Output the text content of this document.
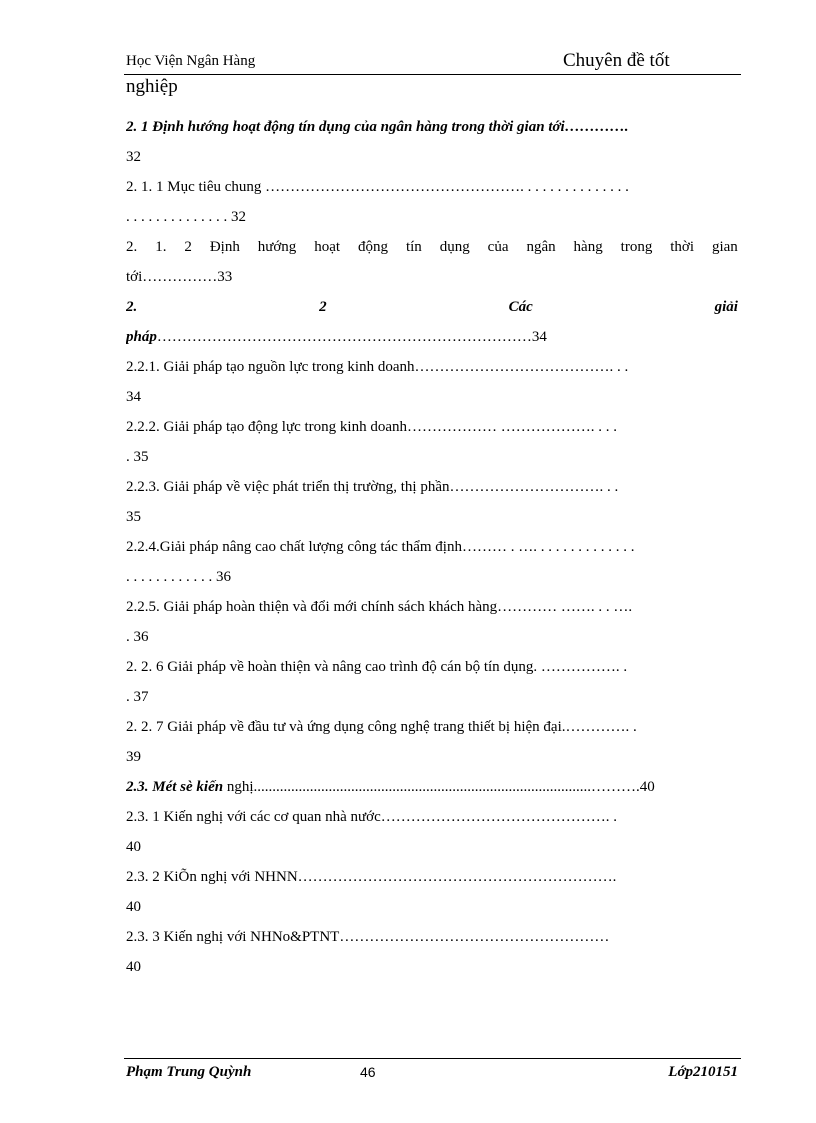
Học Viện Ngân Hàng	Chuyên đề tốt
nghiệp
2. 1 Định hướng hoạt động tín dụng của ngân hàng trong thời gian tới………….
32
2. 1. 1 Mục tiêu chung ……………………………………………. . . . . . . . . . . . . . .
. . . . . . . . . . . . . . 32
2. 1. 2 Định hướng hoạt động tín dụng của ngân hàng trong thời gian
tới……………33
2.	2	Các	giải
pháp…………………………………………………………………34
2.2.1. Giải pháp tạo nguồn lực trong kinh doanh…………………………………. . .
34
2.2.2. Giải pháp tạo động lực trong kinh doanh……………… ………………. . . .
. 35
2.2.3. Giải pháp về việc phát triển thị trường, thị phần…………………………. . .
35
2.2.4.Giải pháp nâng cao chất lượng công tác thẩm định……… . …. . . . . . . . . . . . . .
. . . . . . . . . . . . 36
2.2.5. Giải pháp hoàn thiện và đổi mới chính sách khách hàng………… ……. . . ….
. 36
2. 2. 6 Giải pháp về hoàn thiện và nâng cao trình độ cán bộ tín dụng. ……………. .
. 37
2. 2. 7 Giải pháp về đầu tư và ứng dụng công nghệ trang thiết bị hiện đại.…………. .
39
2.3. Mét sè kiến nghị..........................................................................................……….40
2.3. 1 Kiến nghị với các cơ quan nhà nước………………………………………. .
40
2.3. 2 KiÕn nghị với NHNN……………………………………………………….
40
2.3. 3 Kiến nghị với NHNo&PTNT………………………………………………
40
Phạm Trung Quỳnh	46	Lớp210151
